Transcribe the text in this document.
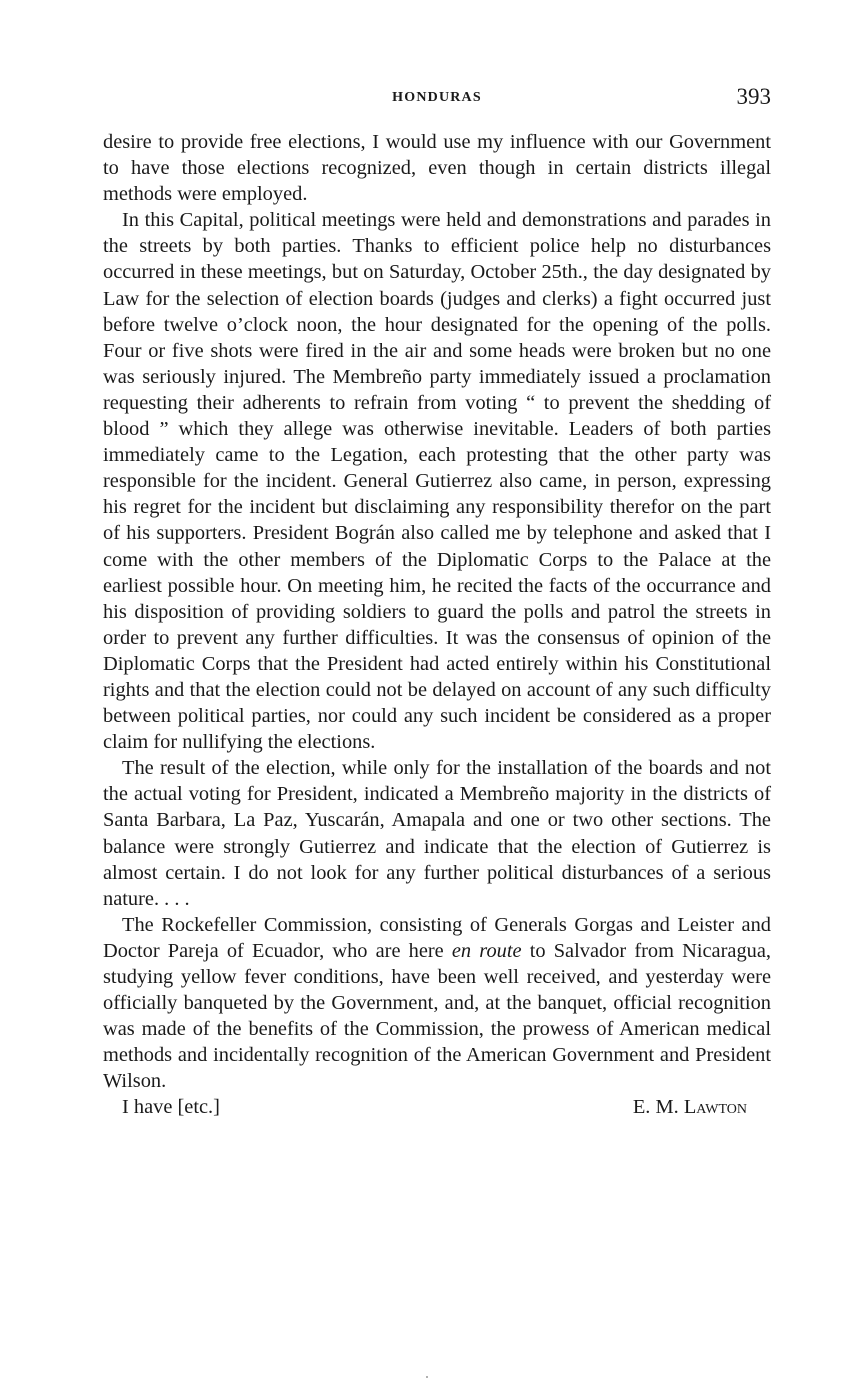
HONDURAS	393

desire to provide free elections, I would use my influence with our Government to have those elections recognized, even though in certain districts illegal methods were employed.

In this Capital, political meetings were held and demonstrations and parades in the streets by both parties. Thanks to efficient police help no disturbances occurred in these meetings, but on Saturday, October 25th., the day designated by Law for the selection of election boards (judges and clerks) a fight occurred just before twelve o’clock noon, the hour designated for the opening of the polls. Four or five shots were fired in the air and some heads were broken but no one was seriously injured. The Membreño party immediately issued a proclamation requesting their adherents to refrain from voting “ to prevent the shedding of blood ” which they allege was otherwise inevitable. Leaders of both parties immediately came to the Legation, each protesting that the other party was responsible for the incident. General Gutierrez also came, in person, expressing his regret for the incident but disclaiming any responsibility therefor on the part of his supporters. President Bográn also called me by telephone and asked that I come with the other members of the Diplomatic Corps to the Palace at the earliest possible hour. On meeting him, he recited the facts of the occurrance and his disposition of providing soldiers to guard the polls and patrol the streets in order to prevent any further difficulties. It was the consensus of opinion of the Diplomatic Corps that the President had acted entirely within his Constitutional rights and that the election could not be delayed on account of any such difficulty between political parties, nor could any such incident be considered as a proper claim for nullifying the elections.

The result of the election, while only for the installation of the boards and not the actual voting for President, indicated a Membreño majority in the districts of Santa Barbara, La Paz, Yuscarán, Amapala and one or two other sections. The balance were strongly Gutierrez and indicate that the election of Gutierrez is almost certain. I do not look for any further political disturbances of a serious nature. . . .

The Rockefeller Commission, consisting of Generals Gorgas and Leister and Doctor Pareja of Ecuador, who are here en route to Salvador from Nicaragua, studying yellow fever conditions, have been well received, and yesterday were officially banqueted by the Government, and, at the banquet, official recognition was made of the benefits of the Commission, the prowess of American medical methods and incidentally recognition of the American Government and President Wilson.

I have [etc.]	E. M. Lawton
